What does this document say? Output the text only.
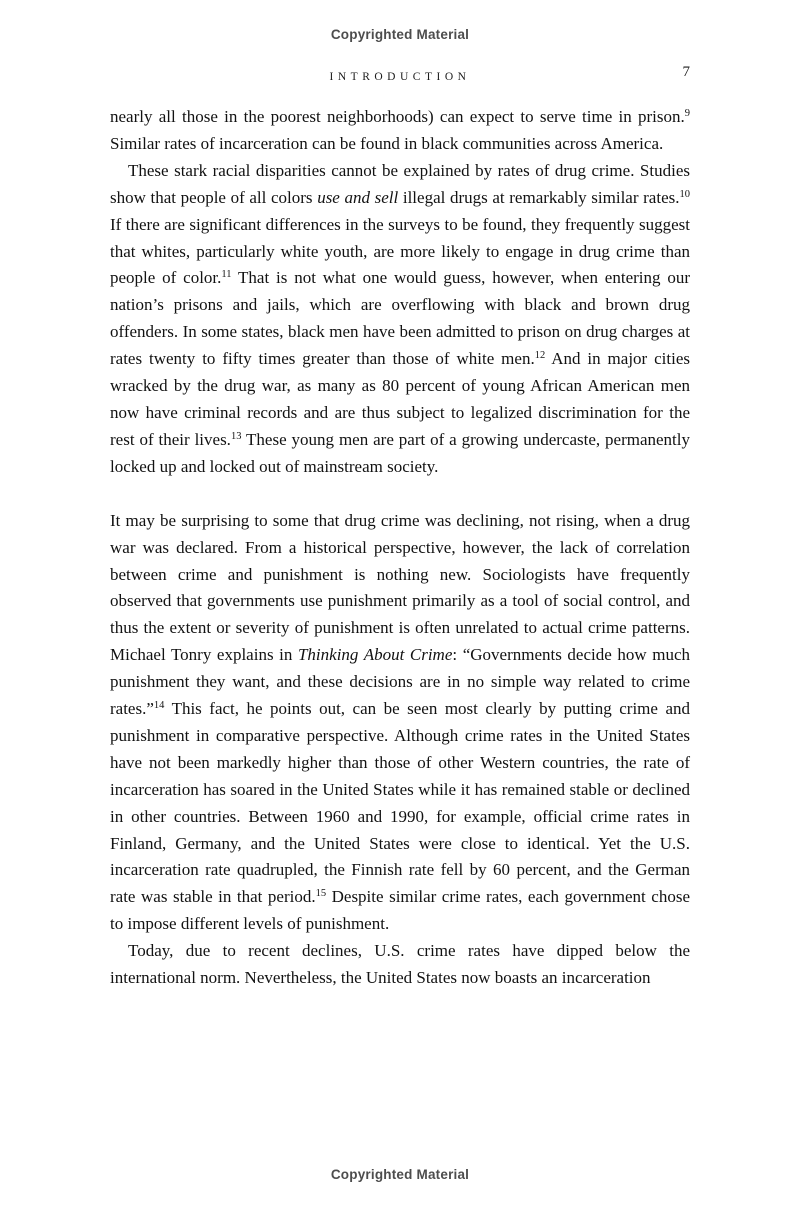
Copyrighted Material
INTRODUCTION	7

nearly all those in the poorest neighborhoods) can expect to serve time in prison.$^9$ Similar rates of incarceration can be found in black communities across America.

These stark racial disparities cannot be explained by rates of drug crime. Studies show that people of all colors use and sell illegal drugs at remarkably similar rates.$^{10}$ If there are significant differences in the surveys to be found, they frequently suggest that whites, particularly white youth, are more likely to engage in drug crime than people of color.$^{11}$ That is not what one would guess, however, when entering our nation’s prisons and jails, which are overflowing with black and brown drug offenders. In some states, black men have been admitted to prison on drug charges at rates twenty to fifty times greater than those of white men.$^{12}$ And in major cities wracked by the drug war, as many as 80 percent of young African American men now have criminal records and are thus subject to legalized discrimination for the rest of their lives.$^{13}$ These young men are part of a growing undercaste, permanently locked up and locked out of mainstream society.

It may be surprising to some that drug crime was declining, not rising, when a drug war was declared. From a historical perspective, however, the lack of correlation between crime and punishment is nothing new. Sociologists have frequently observed that governments use punishment primarily as a tool of social control, and thus the extent or severity of punishment is often unrelated to actual crime patterns. Michael Tonry explains in Thinking About Crime: “Governments decide how much punishment they want, and these decisions are in no simple way related to crime rates.”$^{14}$ This fact, he points out, can be seen most clearly by putting crime and punishment in comparative perspective. Although crime rates in the United States have not been markedly higher than those of other Western countries, the rate of incarceration has soared in the United States while it has remained stable or declined in other countries. Between 1960 and 1990, for example, official crime rates in Finland, Germany, and the United States were close to identical. Yet the U.S. incarceration rate quadrupled, the Finnish rate fell by 60 percent, and the German rate was stable in that period.$^{15}$ Despite similar crime rates, each government chose to impose different levels of punishment.

Today, due to recent declines, U.S. crime rates have dipped below the international norm. Nevertheless, the United States now boasts an incarceration

Copyrighted Material
